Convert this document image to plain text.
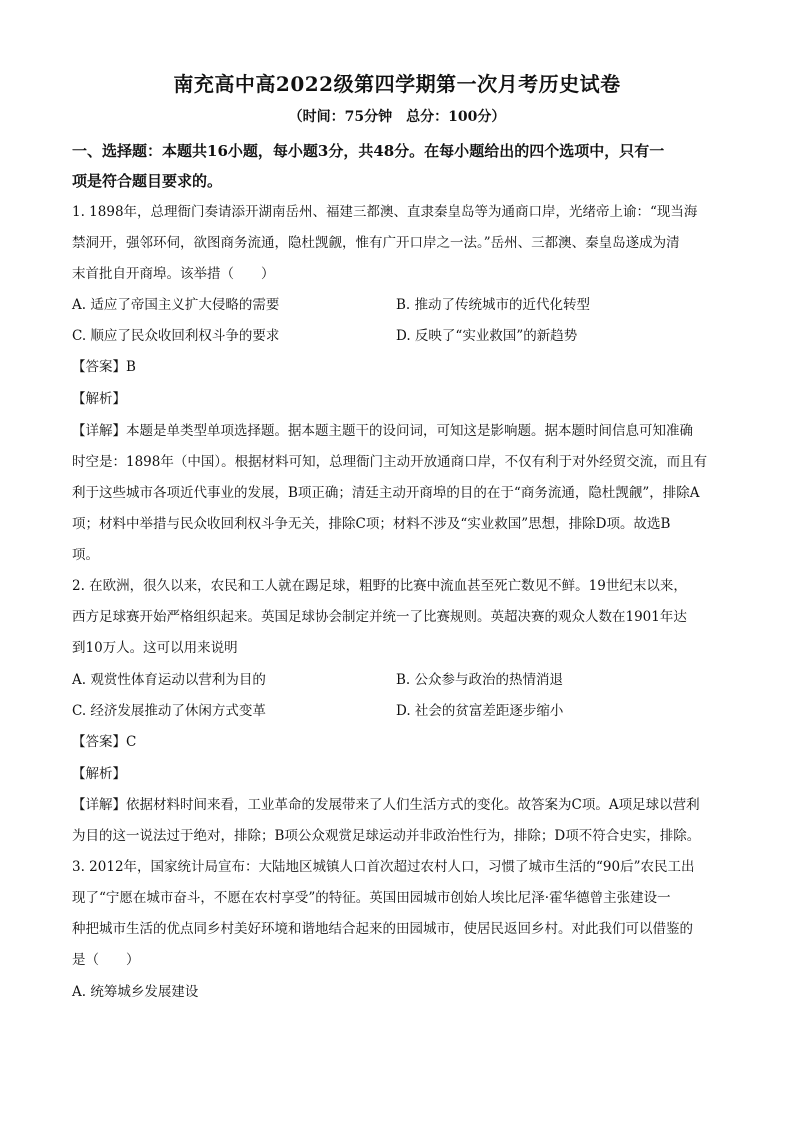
南充高中高2022级第四学期第一次月考历史试卷
（时间：75分钟　总分：100分）
一、选择题：本题共16小题，每小题3分，共48分。在每小题给出的四个选项中，只有一
项是符合题目要求的。
1. 1898年，总理衙门奏请添开湖南岳州、福建三都澳、直隶秦皇岛等为通商口岸，光绪帝上谕：“现当海
禁洞开，强邻环伺，欲图商务流通，隐杜觊觎，惟有广开口岸之一法。”岳州、三都澳、秦皇岛遂成为清
末首批自开商埠。该举措（　　）
A. 适应了帝国主义扩大侵略的需要	B. 推动了传统城市的近代化转型
C. 顺应了民众收回利权斗争的要求	D. 反映了“实业救国”的新趋势
【答案】B
【解析】
【详解】本题是单类型单项选择题。据本题主题干的设问词，可知这是影响题。据本题时间信息可知准确
时空是：1898年（中国）。根据材料可知，总理衙门主动开放通商口岸，不仅有利于对外经贸交流，而且有
利于这些城市各项近代事业的发展，B项正确；清廷主动开商埠的目的在于“商务流通，隐杜觊觎”，排除A
项；材料中举措与民众收回利权斗争无关，排除C项；材料不涉及“实业救国”思想，排除D项。故选B
项。
2. 在欧洲，很久以来，农民和工人就在踢足球，粗野的比赛中流血甚至死亡数见不鲜。19世纪末以来，
西方足球赛开始严格组织起来。英国足球协会制定并统一了比赛规则。英超决赛的观众人数在1901年达
到10万人。这可以用来说明
A. 观赏性体育运动以营利为目的	B. 公众参与政治的热情消退
C. 经济发展推动了休闲方式变革	D. 社会的贫富差距逐步缩小
【答案】C
【解析】
【详解】依据材料时间来看，工业革命的发展带来了人们生活方式的变化。故答案为C项。A项足球以营利
为目的这一说法过于绝对，排除；B项公众观赏足球运动并非政治性行为，排除；D项不符合史实，排除。
3. 2012年，国家统计局宣布：大陆地区城镇人口首次超过农村人口，习惯了城市生活的“90后”农民工出
现了“宁愿在城市奋斗，不愿在农村享受”的特征。英国田园城市创始人埃比尼泽·霍华德曾主张建设一
种把城市生活的优点同乡村美好环境和谐地结合起来的田园城市，使居民返回乡村。对此我们可以借鉴的
是（　　）
A. 统筹城乡发展建设
